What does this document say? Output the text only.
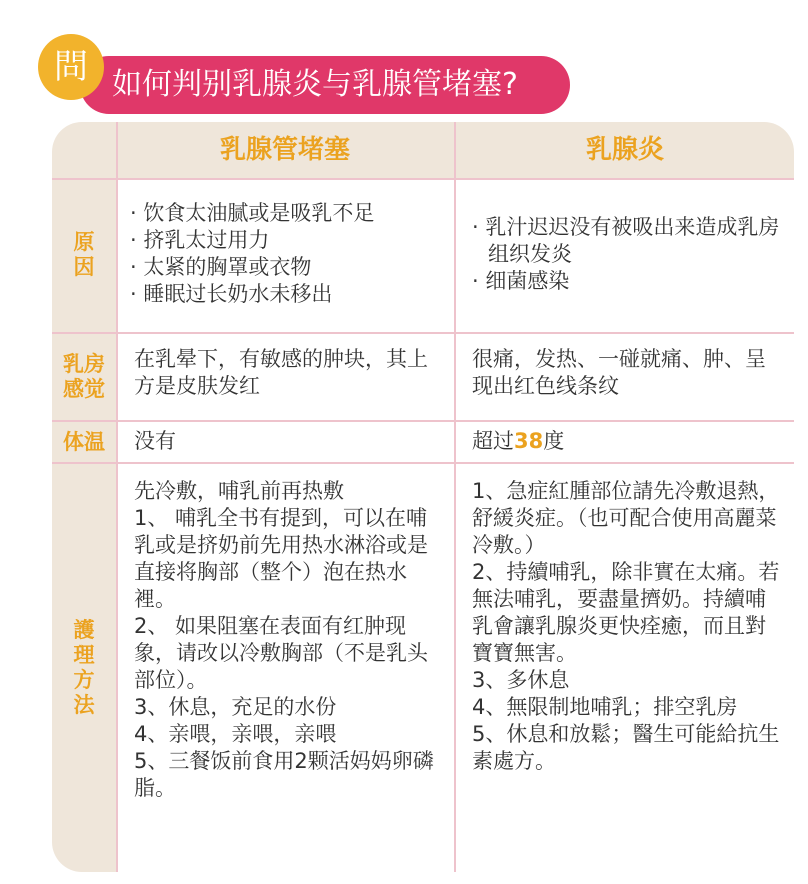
問 如何判别乳腺炎与乳腺管堵塞?
乳腺管堵塞	乳腺炎
原
因
乳房
感觉
体温
護
理
方
法

· 饮食太油腻或是吸乳不足

· 挤乳太过用力

· 太紧的胸罩或衣物

· 睡眠过长奶水未移出

· 乳汁迟迟没有被吸出来造成乳房组织发炎

· 细菌感染

在乳晕下，有敏感的肿块，其上方是皮肤发红

很痛，发热、一碰就痛、肿、呈现出红色线条纹

没有	超过38度

先冷敷，哺乳前再热敷

1、 哺乳全书有提到，可以在哺乳或是挤奶前先用热水淋浴或是直接将胸部（整个）泡在热水裡。

2、 如果阻塞在表面有红肿现象，请改以冷敷胸部（不是乳头部位）。

3、休息，充足的水份

4、亲喂，亲喂，亲喂

5、三餐饭前食用2颗活妈妈卵磷脂。

1、急症紅腫部位請先冷敷退熱，舒緩炎症。（也可配合使用高麗菜冷敷。）

2、持續哺乳，除非實在太痛。若無法哺乳，要盡量擠奶。持續哺乳會讓乳腺炎更快痊癒，而且對寶寶無害。

3、多休息

4、無限制地哺乳；排空乳房

5、休息和放鬆；醫生可能給抗生素處方。
